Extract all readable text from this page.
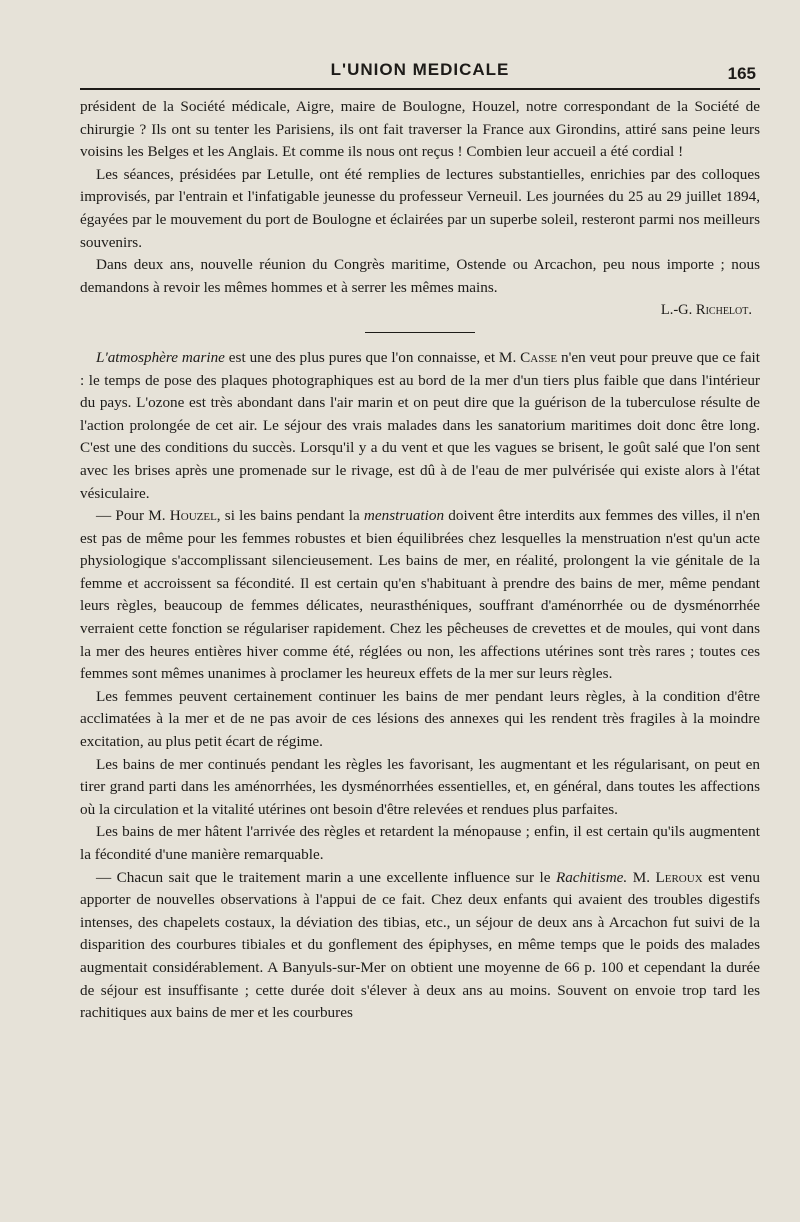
L'UNION MEDICALE	165

président de la Société médicale, Aigre, maire de Boulogne, Houzel, notre correspondant de la Société de chirurgie ? Ils ont su tenter les Parisiens, ils ont fait traverser la France aux Girondins, attiré sans peine leurs voisins les Belges et les Anglais. Et comme ils nous ont reçus ! Combien leur accueil a été cordial !

Les séances, présidées par Letulle, ont été remplies de lectures substantielles, enrichies par des colloques improvisés, par l'entrain et l'infatigable jeunesse du professeur Verneuil. Les journées du 25 au 29 juillet 1894, égayées par le mouvement du port de Boulogne et éclairées par un superbe soleil, resteront parmi nos meilleurs souvenirs.

Dans deux ans, nouvelle réunion du Congrès maritime, Ostende ou Arcachon, peu nous importe ; nous demandons à revoir les mêmes hommes et à serrer les mêmes mains.

L.-G. Richelot.

L'atmosphère marine est une des plus pures que l'on connaisse, et M. Casse n'en veut pour preuve que ce fait : le temps de pose des plaques photographiques est au bord de la mer d'un tiers plus faible que dans l'intérieur du pays. L'ozone est très abondant dans l'air marin et on peut dire que la guérison de la tuberculose résulte de l'action prolongée de cet air. Le séjour des vrais malades dans les sanatorium maritimes doit donc être long. C'est une des conditions du succès. Lorsqu'il y a du vent et que les vagues se brisent, le goût salé que l'on sent avec les brises après une promenade sur le rivage, est dû à de l'eau de mer pulvérisée qui existe alors à l'état vésiculaire.

— Pour M. Houzel, si les bains pendant la menstruation doivent être interdits aux femmes des villes, il n'en est pas de même pour les femmes robustes et bien équilibrées chez lesquelles la menstruation n'est qu'un acte physiologique s'accomplissant silencieusement. Les bains de mer, en réalité, prolongent la vie génitale de la femme et accroissent sa fécondité. Il est certain qu'en s'habituant à prendre des bains de mer, même pendant leurs règles, beaucoup de femmes délicates, neurasthéniques, souffrant d'aménorrhée ou de dysménorrhée verraient cette fonction se régulariser rapidement. Chez les pêcheuses de crevettes et de moules, qui vont dans la mer des heures entières hiver comme été, réglées ou non, les affections utérines sont très rares ; toutes ces femmes sont mêmes unanimes à proclamer les heureux effets de la mer sur leurs règles.

Les femmes peuvent certainement continuer les bains de mer pendant leurs règles, à la condition d'être acclimatées à la mer et de ne pas avoir de ces lésions des annexes qui les rendent très fragiles à la moindre excitation, au plus petit écart de régime.

Les bains de mer continués pendant les règles les favorisant, les augmentant et les régularisant, on peut en tirer grand parti dans les aménorrhées, les dysménorrhées essentielles, et, en général, dans toutes les affections où la circulation et la vitalité utérines ont besoin d'être relevées et rendues plus parfaites.

Les bains de mer hâtent l'arrivée des règles et retardent la ménopause ; enfin, il est certain qu'ils augmentent la fécondité d'une manière remarquable.

— Chacun sait que le traitement marin a une excellente influence sur le Rachitisme. M. Leroux est venu apporter de nouvelles observations à l'appui de ce fait. Chez deux enfants qui avaient des troubles digestifs intenses, des chapelets costaux, la déviation des tibias, etc., un séjour de deux ans à Arcachon fut suivi de la disparition des courbures tibiales et du gonflement des épiphyses, en même temps que le poids des malades augmentait considérablement. A Banyuls-sur-Mer on obtient une moyenne de 66 p. 100 et cependant la durée de séjour est insuffisante ; cette durée doit s'élever à deux ans au moins. Souvent on envoie trop tard les rachitiques aux bains de mer et les courbures
